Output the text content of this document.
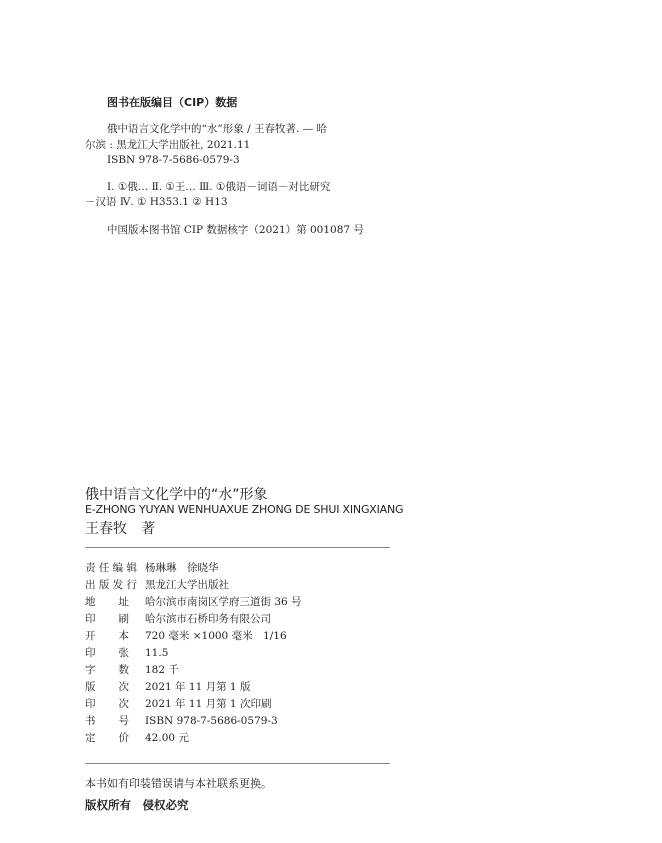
图书在版编目（CIP）数据
俄中语言文化学中的“水”形象 / 王春牧著. — 哈
尔滨 : 黑龙江大学出版社, 2021.11
ISBN 978-7-5686-0579-3
Ⅰ. ①俄… Ⅱ. ①王… Ⅲ. ①俄语－词语－对比研究
－汉语 Ⅳ. ① H353.1 ② H13
中国版本图书馆 CIP 数据核字（2021）第 001087 号
俄中语言文化学中的“水”形象
E-ZHONG YUYAN WENHUAXUE ZHONG DE SHUI XINGXIANG
王春牧 著
责 任 编 辑 杨琳琳　徐晓华
出 版 发 行 黑龙江大学出版社
地 址 哈尔滨市南岗区学府三道街 36 号
印 刷 哈尔滨市石桥印务有限公司
开 本 720 毫米 ×1000 毫米　1/16
印 张 11.5
字 数 182 千
版 次 2021 年 11 月第 1 版
印 次 2021 年 11 月第 1 次印刷
书 号 ISBN 978-7-5686-0579-3
定 价 42.00 元
本书如有印装错误请与本社联系更换。
版权所有　侵权必究
